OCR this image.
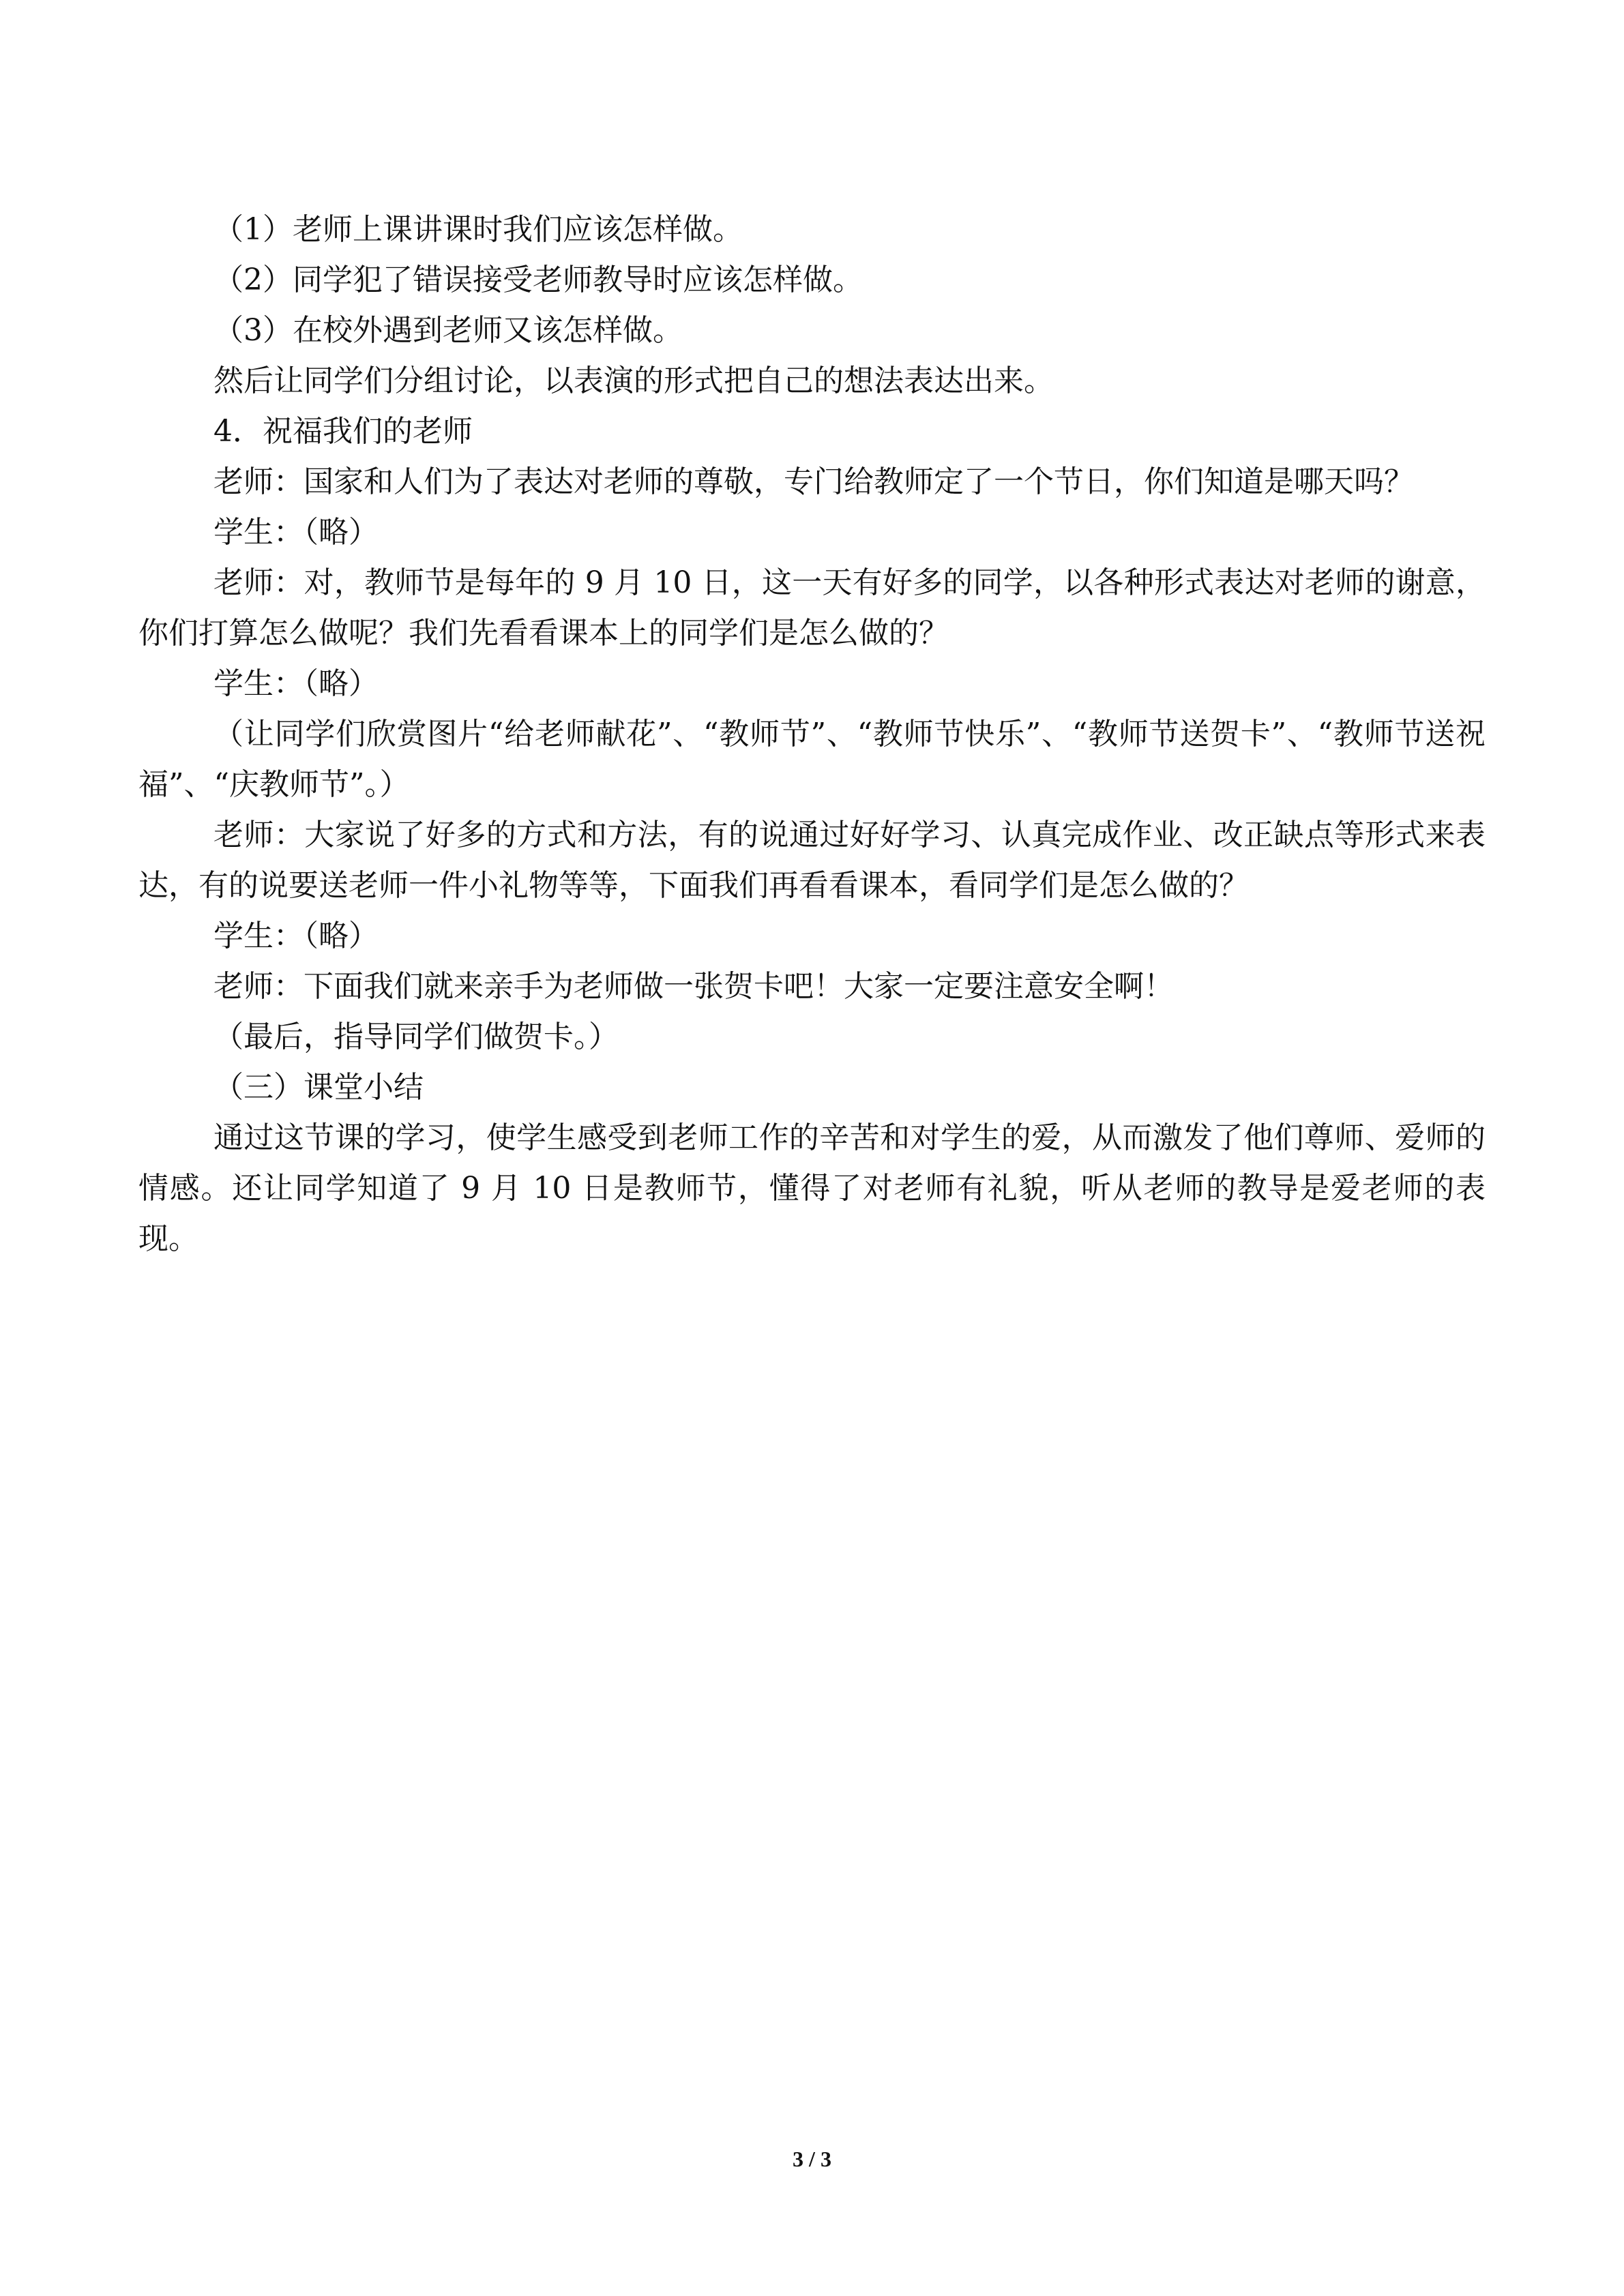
（1）老师上课讲课时我们应该怎样做。

（2）同学犯了错误接受老师教导时应该怎样做。

（3）在校外遇到老师又该怎样做。

然后让同学们分组讨论，以表演的形式把自己的想法表达出来。

4．祝福我们的老师

老师：国家和人们为了表达对老师的尊敬，专门给教师定了一个节日，你们知道是哪天吗？

学生：（略）

老师：对，教师节是每年的 9 月 10 日，这一天有好多的同学，以各种形式表达对老师的谢意，你们打算怎么做呢？我们先看看课本上的同学们是怎么做的？

学生：（略）

（让同学们欣赏图片“给老师献花”、“教师节”、“教师节快乐”、“教师节送贺卡”、“教师节送祝福”、“庆教师节”。）

老师：大家说了好多的方式和方法，有的说通过好好学习、认真完成作业、改正缺点等形式来表达，有的说要送老师一件小礼物等等，下面我们再看看课本，看同学们是怎么做的？

学生：（略）

老师：下面我们就来亲手为老师做一张贺卡吧！大家一定要注意安全啊！

（最后，指导同学们做贺卡。）

（三）课堂小结

通过这节课的学习，使学生感受到老师工作的辛苦和对学生的爱，从而激发了他们尊师、爱师的情感。还让同学知道了 9 月 10 日是教师节，懂得了对老师有礼貌，听从老师的教导是爱老师的表现。

3 / 3
